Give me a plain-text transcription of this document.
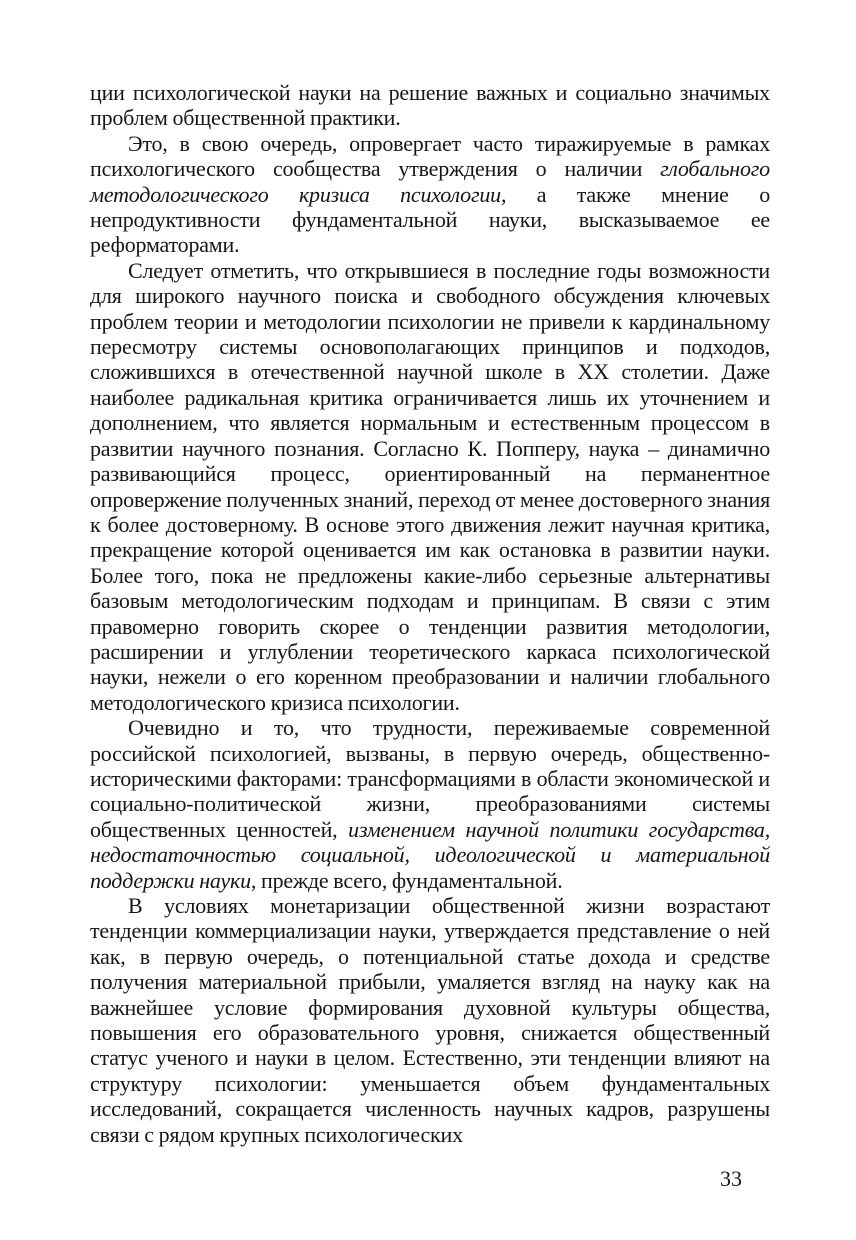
ции психологической науки на решение важных и социально значимых проблем общественной практики.

Это, в свою очередь, опровергает часто тиражируемые в рамках психологического сообщества утверждения о наличии глобального методологического кризиса психологии, а также мнение о непродуктивности фундаментальной науки, высказываемое ее реформаторами.

Следует отметить, что открывшиеся в последние годы возможности для широкого научного поиска и свободного обсуждения ключевых проблем теории и методологии психологии не привели к кардинальному пересмотру системы основополагающих принципов и подходов, сложившихся в отечественной научной школе в XX столетии. Даже наиболее радикальная критика ограничивается лишь их уточнением и дополнением, что является нормальным и естественным процессом в развитии научного познания. Согласно К. Попперу, наука – динамично развивающийся процесс, ориентированный на перманентное опровержение полученных знаний, переход от менее достоверного знания к более достоверному. В основе этого движения лежит научная критика, прекращение которой оценивается им как остановка в развитии науки. Более того, пока не предложены какие-либо серьезные альтернативы базовым методологическим подходам и принципам. В связи с этим правомерно говорить скорее о тенденции развития методологии, расширении и углублении теоретического каркаса психологической науки, нежели о его коренном преобразовании и наличии глобального методологического кризиса психологии.

Очевидно и то, что трудности, переживаемые современной российской психологией, вызваны, в первую очередь, общественно-историческими факторами: трансформациями в области экономической и социально-политической жизни, преобразованиями системы общественных ценностей, изменением научной политики государства, недостаточностью социальной, идеологической и материальной поддержки науки, прежде всего, фундаментальной.

В условиях монетаризации общественной жизни возрастают тенденции коммерциализации науки, утверждается представление о ней как, в первую очередь, о потенциальной статье дохода и средстве получения материальной прибыли, умаляется взгляд на науку как на важнейшее условие формирования духовной культуры общества, повышения его образовательного уровня, снижается общественный статус ученого и науки в целом. Естественно, эти тенденции влияют на структуру психологии: уменьшается объем фундаментальных исследований, сокращается численность научных кадров, разрушены связи с рядом крупных психологических

33
